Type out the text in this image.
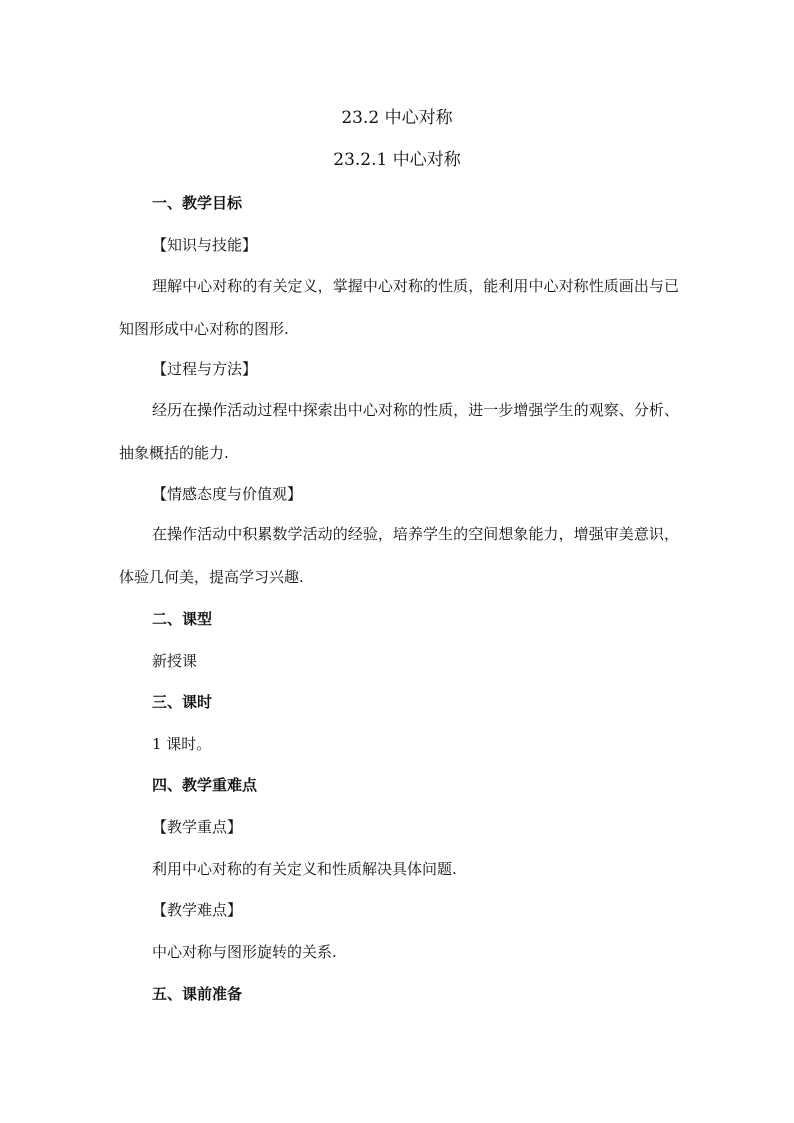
23.2 中心对称
23.2.1 中心对称
一、教学目标
【知识与技能】
理解中心对称的有关定义，掌握中心对称的性质，能利用中心对称性质画出与已知图形成中心对称的图形.
【过程与方法】
经历在操作活动过程中探索出中心对称的性质，进一步增强学生的观察、分析、抽象概括的能力.
【情感态度与价值观】
在操作活动中积累数学活动的经验，培养学生的空间想象能力，增强审美意识，体验几何美，提高学习兴趣.
二、课型
新授课
三、课时
1 课时。
四、教学重难点
【教学重点】
利用中心对称的有关定义和性质解决具体问题.
【教学难点】
中心对称与图形旋转的关系.
五、课前准备
